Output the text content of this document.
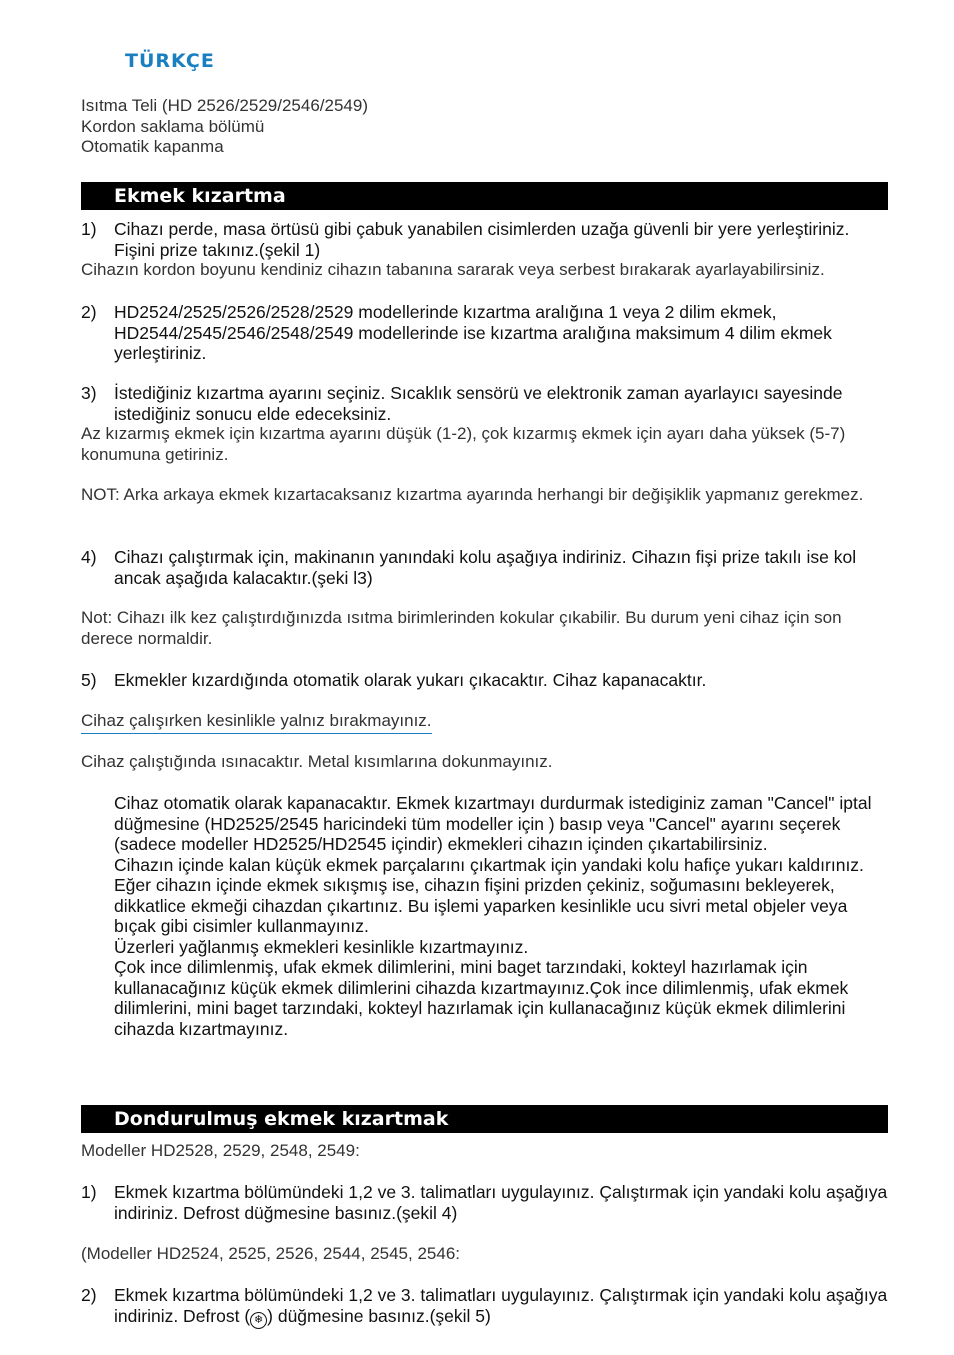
TÜRKÇE

Isıtma Teli (HD 2526/2529/2546/2549)

Kordon saklama bölümü

Otomatik kapanma

Ekmek kızartma
1) Cihazı perde, masa örtüsü gibi çabuk yanabilen cisimlerden uzağa güvenli bir yere yerleştiriniz. Fişini prize takınız.(şekil 1)

Cihazın kordon boyunu kendiniz cihazın tabanına sararak veya serbest bırakarak ayarlayabilirsiniz.

2) HD2524/2525/2526/2528/2529 modellerinde kızartma aralığına 1 veya 2 dilim ekmek, HD2544/2545/2546/2548/2549 modellerinde ise kızartma aralığına maksimum 4 dilim ekmek yerleştiriniz.

3) İstediğiniz kızartma ayarını seçiniz. Sıcaklık sensörü ve elektronik zaman ayarlayıcı sayesinde istediğiniz sonucu elde edeceksiniz.

Az kızarmış ekmek için kızartma ayarını düşük (1-2), çok kızarmış ekmek için ayarı daha yüksek (5-7) konumuna getiriniz.

NOT: Arka arkaya ekmek kızartacaksanız kızartma ayarında herhangi bir değişiklik yapmanız gerekmez.

4) Cihazı çalıştırmak için, makinanın yanındaki kolu aşağıya indiriniz. Cihazın fişi prize takılı ise kol ancak aşağıda kalacaktır.(şeki l3)

Not: Cihazı ilk kez çalıştırdığınızda ısıtma birimlerinden kokular çıkabilir. Bu durum yeni cihaz için son derece normaldir.

5) Ekmekler kızardığında otomatik olarak yukarı çıkacaktır. Cihaz kapanacaktır.

Cihaz çalışırken kesinlikle yalnız bırakmayınız.

Cihaz çalıştığında ısınacaktır. Metal kısımlarına dokunmayınız.

Cihaz otomatik olarak kapanacaktır. Ekmek kızartmayı durdurmak istediginiz zaman "Cancel" iptal düğmesine (HD2525/2545 haricindeki tüm modeller için ) basıp veya "Cancel" ayarını seçerek (sadece modeller HD2525/HD2545 içindir) ekmekleri cihazın içinden çıkartabilirsiniz.

Cihazın içinde kalan küçük ekmek parçalarını çıkartmak için yandaki kolu hafiçe yukarı kaldırınız.

Eğer cihazın içinde ekmek sıkışmış ise, cihazın fişini prizden çekiniz, soğumasını bekleyerek, dikkatlice ekmeği cihazdan çıkartınız. Bu işlemi yaparken kesinlikle ucu sivri metal objeler veya bıçak gibi cisimler kullanmayınız.

Üzerleri yağlanmış ekmekleri kesinlikle kızartmayınız.

Çok ince dilimlenmiş, ufak ekmek dilimlerini, mini baget tarzındaki, kokteyl hazırlamak için kullanacağınız küçük ekmek dilimlerini cihazda kızartmayınız.Çok ince dilimlenmiş, ufak ekmek dilimlerini, mini baget tarzındaki, kokteyl hazırlamak için kullanacağınız küçük ekmek dilimlerini cihazda kızartmayınız.

Dondurulmuş ekmek kızartmak

Modeller HD2528, 2529, 2548, 2549:

1) Ekmek kızartma bölümündeki 1,2 ve 3. talimatları uygulayınız. Çalıştırmak için yandaki kolu aşağıya indiriniz. Defrost düğmesine basınız.(şekil 4)

(Modeller HD2524, 2525, 2526, 2544, 2545, 2546:

2) Ekmek kızartma bölümündeki 1,2 ve 3. talimatları uygulayınız. Çalıştırmak için yandaki kolu aşağıya indiriniz. Defrost ( ❄ ) düğmesine basınız.(şekil 5)
